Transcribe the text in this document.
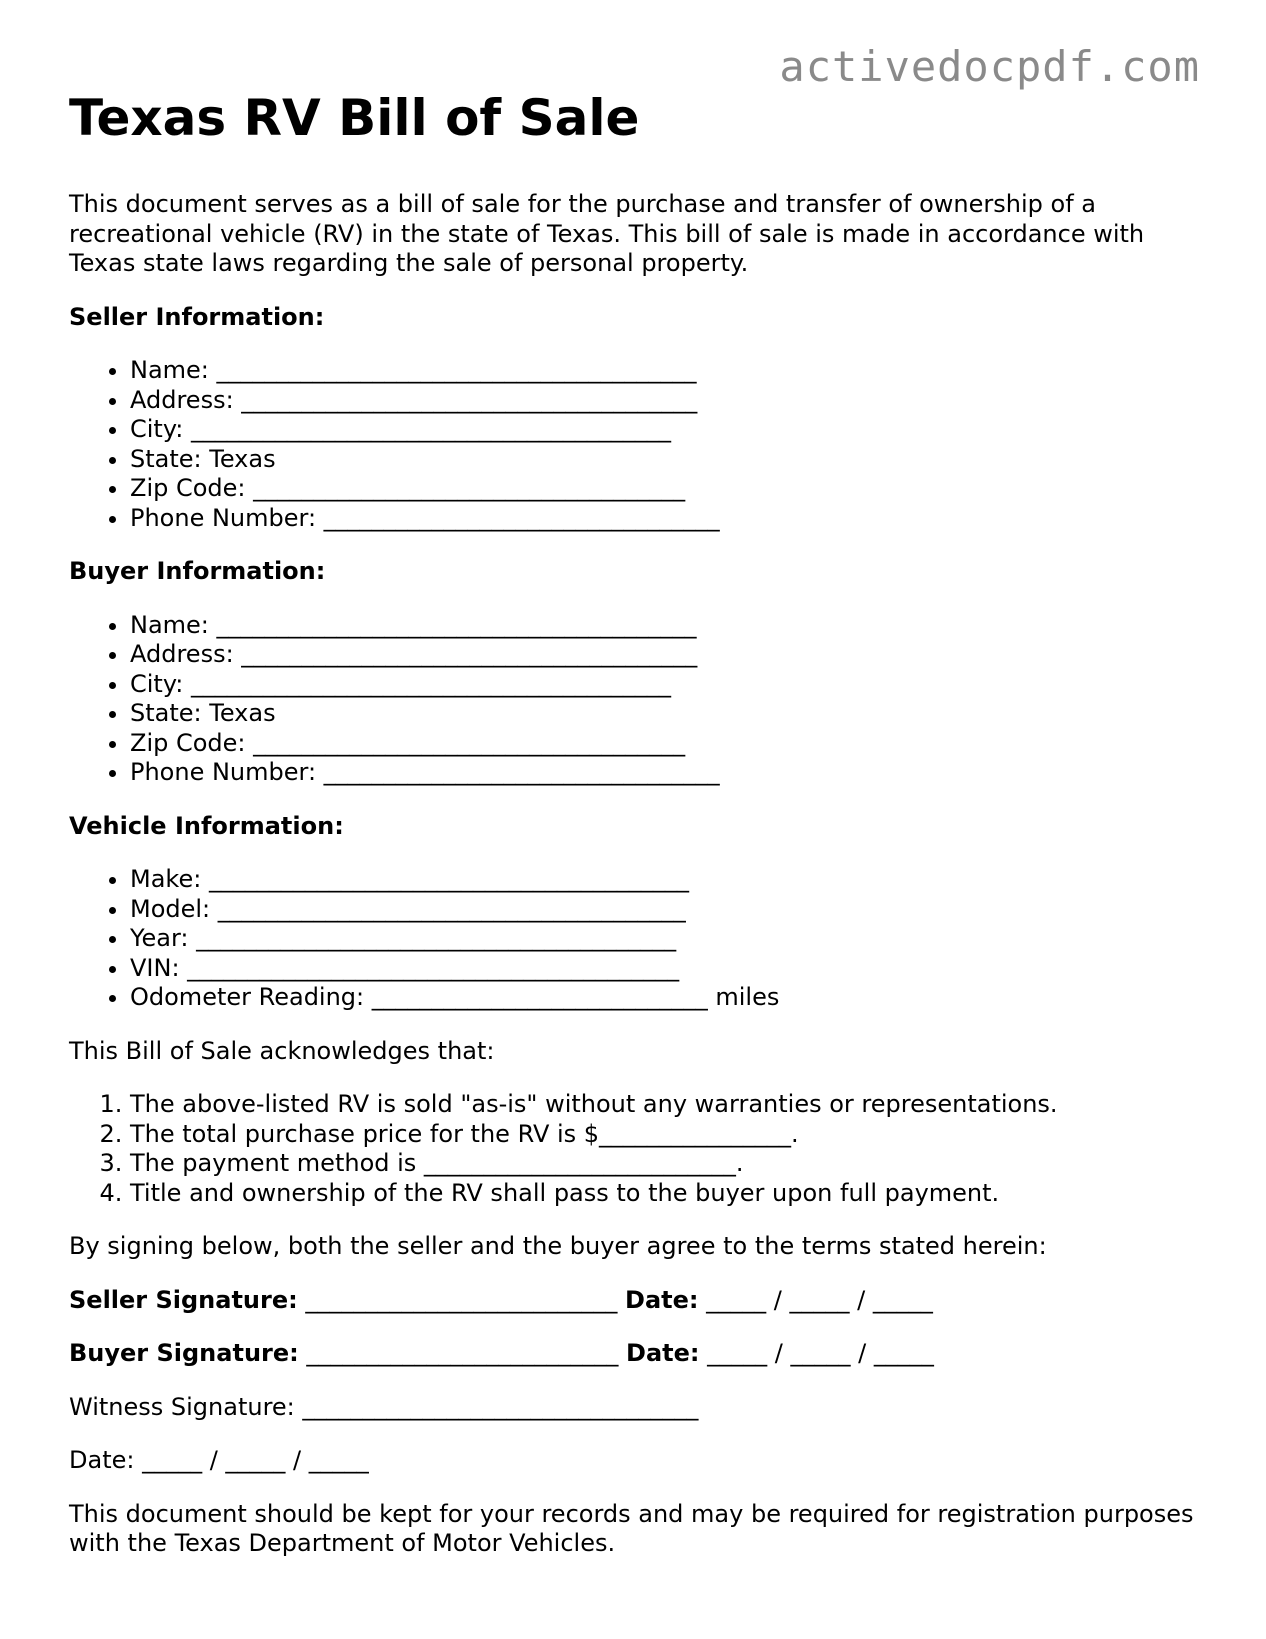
activedocpdf.com
Texas RV Bill of Sale

This document serves as a bill of sale for the purchase and transfer of ownership of a recreational vehicle (RV) in the state of Texas. This bill of sale is made in accordance with Texas state laws regarding the sale of personal property.

Seller Information:

• Name: ________________________________________
• Address: ______________________________________
• City: ________________________________________
• State: Texas
• Zip Code: ____________________________________
• Phone Number: _________________________________

Buyer Information:

• Name: ________________________________________
• Address: ______________________________________
• City: ________________________________________
• State: Texas
• Zip Code: ____________________________________
• Phone Number: _________________________________

Vehicle Information:

• Make: ________________________________________
• Model: _______________________________________
• Year: ________________________________________
• VIN: _________________________________________
• Odometer Reading: ____________________________ miles

This Bill of Sale acknowledges that:

1. The above-listed RV is sold "as-is" without any warranties or representations.
2. The total purchase price for the RV is $________________.
3. The payment method is __________________________.
4. Title and ownership of the RV shall pass to the buyer upon full payment.

By signing below, both the seller and the buyer agree to the terms stated herein:

Seller Signature: __________________________ Date: _____ / _____ / _____

Buyer Signature: __________________________ Date: _____ / _____ / _____

Witness Signature: _________________________________

Date: _____ / _____ / _____

This document should be kept for your records and may be required for registration purposes with the Texas Department of Motor Vehicles.
